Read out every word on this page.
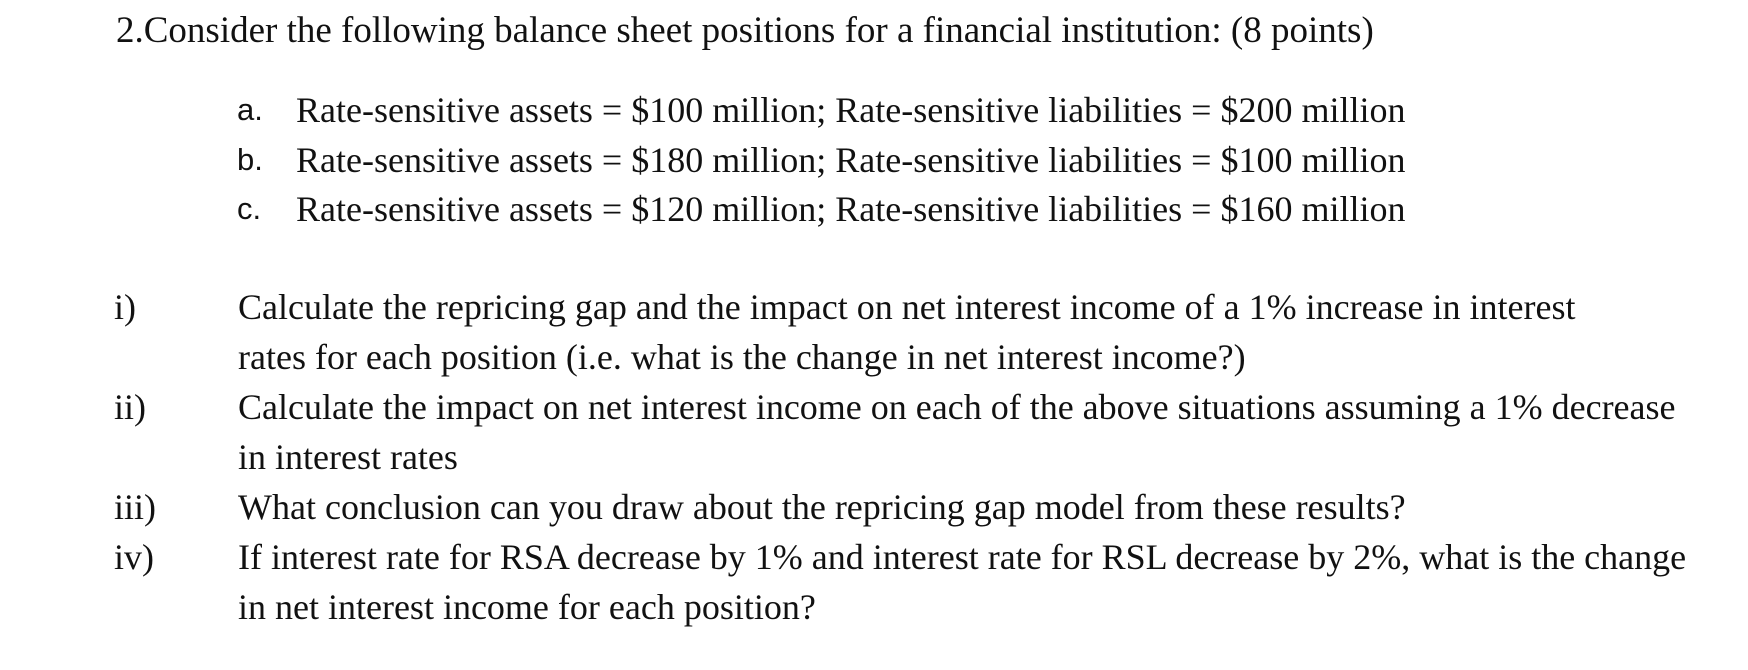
2.Consider the following balance sheet positions for a financial institution: (8 points)
a. Rate-sensitive assets = $100 million; Rate-sensitive liabilities = $200 million
b. Rate-sensitive assets = $180 million; Rate-sensitive liabilities = $100 million
c. Rate-sensitive assets = $120 million; Rate-sensitive liabilities = $160 million
i)	Calculate the repricing gap and the impact on net interest income of a 1% increase in interest rates for each position (i.e. what is the change in net interest income?)
ii)	Calculate the impact on net interest income on each of the above situations assuming a 1% decrease in interest rates
iii)	What conclusion can you draw about the repricing gap model from these results?
iv)	If interest rate for RSA decrease by 1% and interest rate for RSL decrease by 2%, what is the change in net interest income for each position?
